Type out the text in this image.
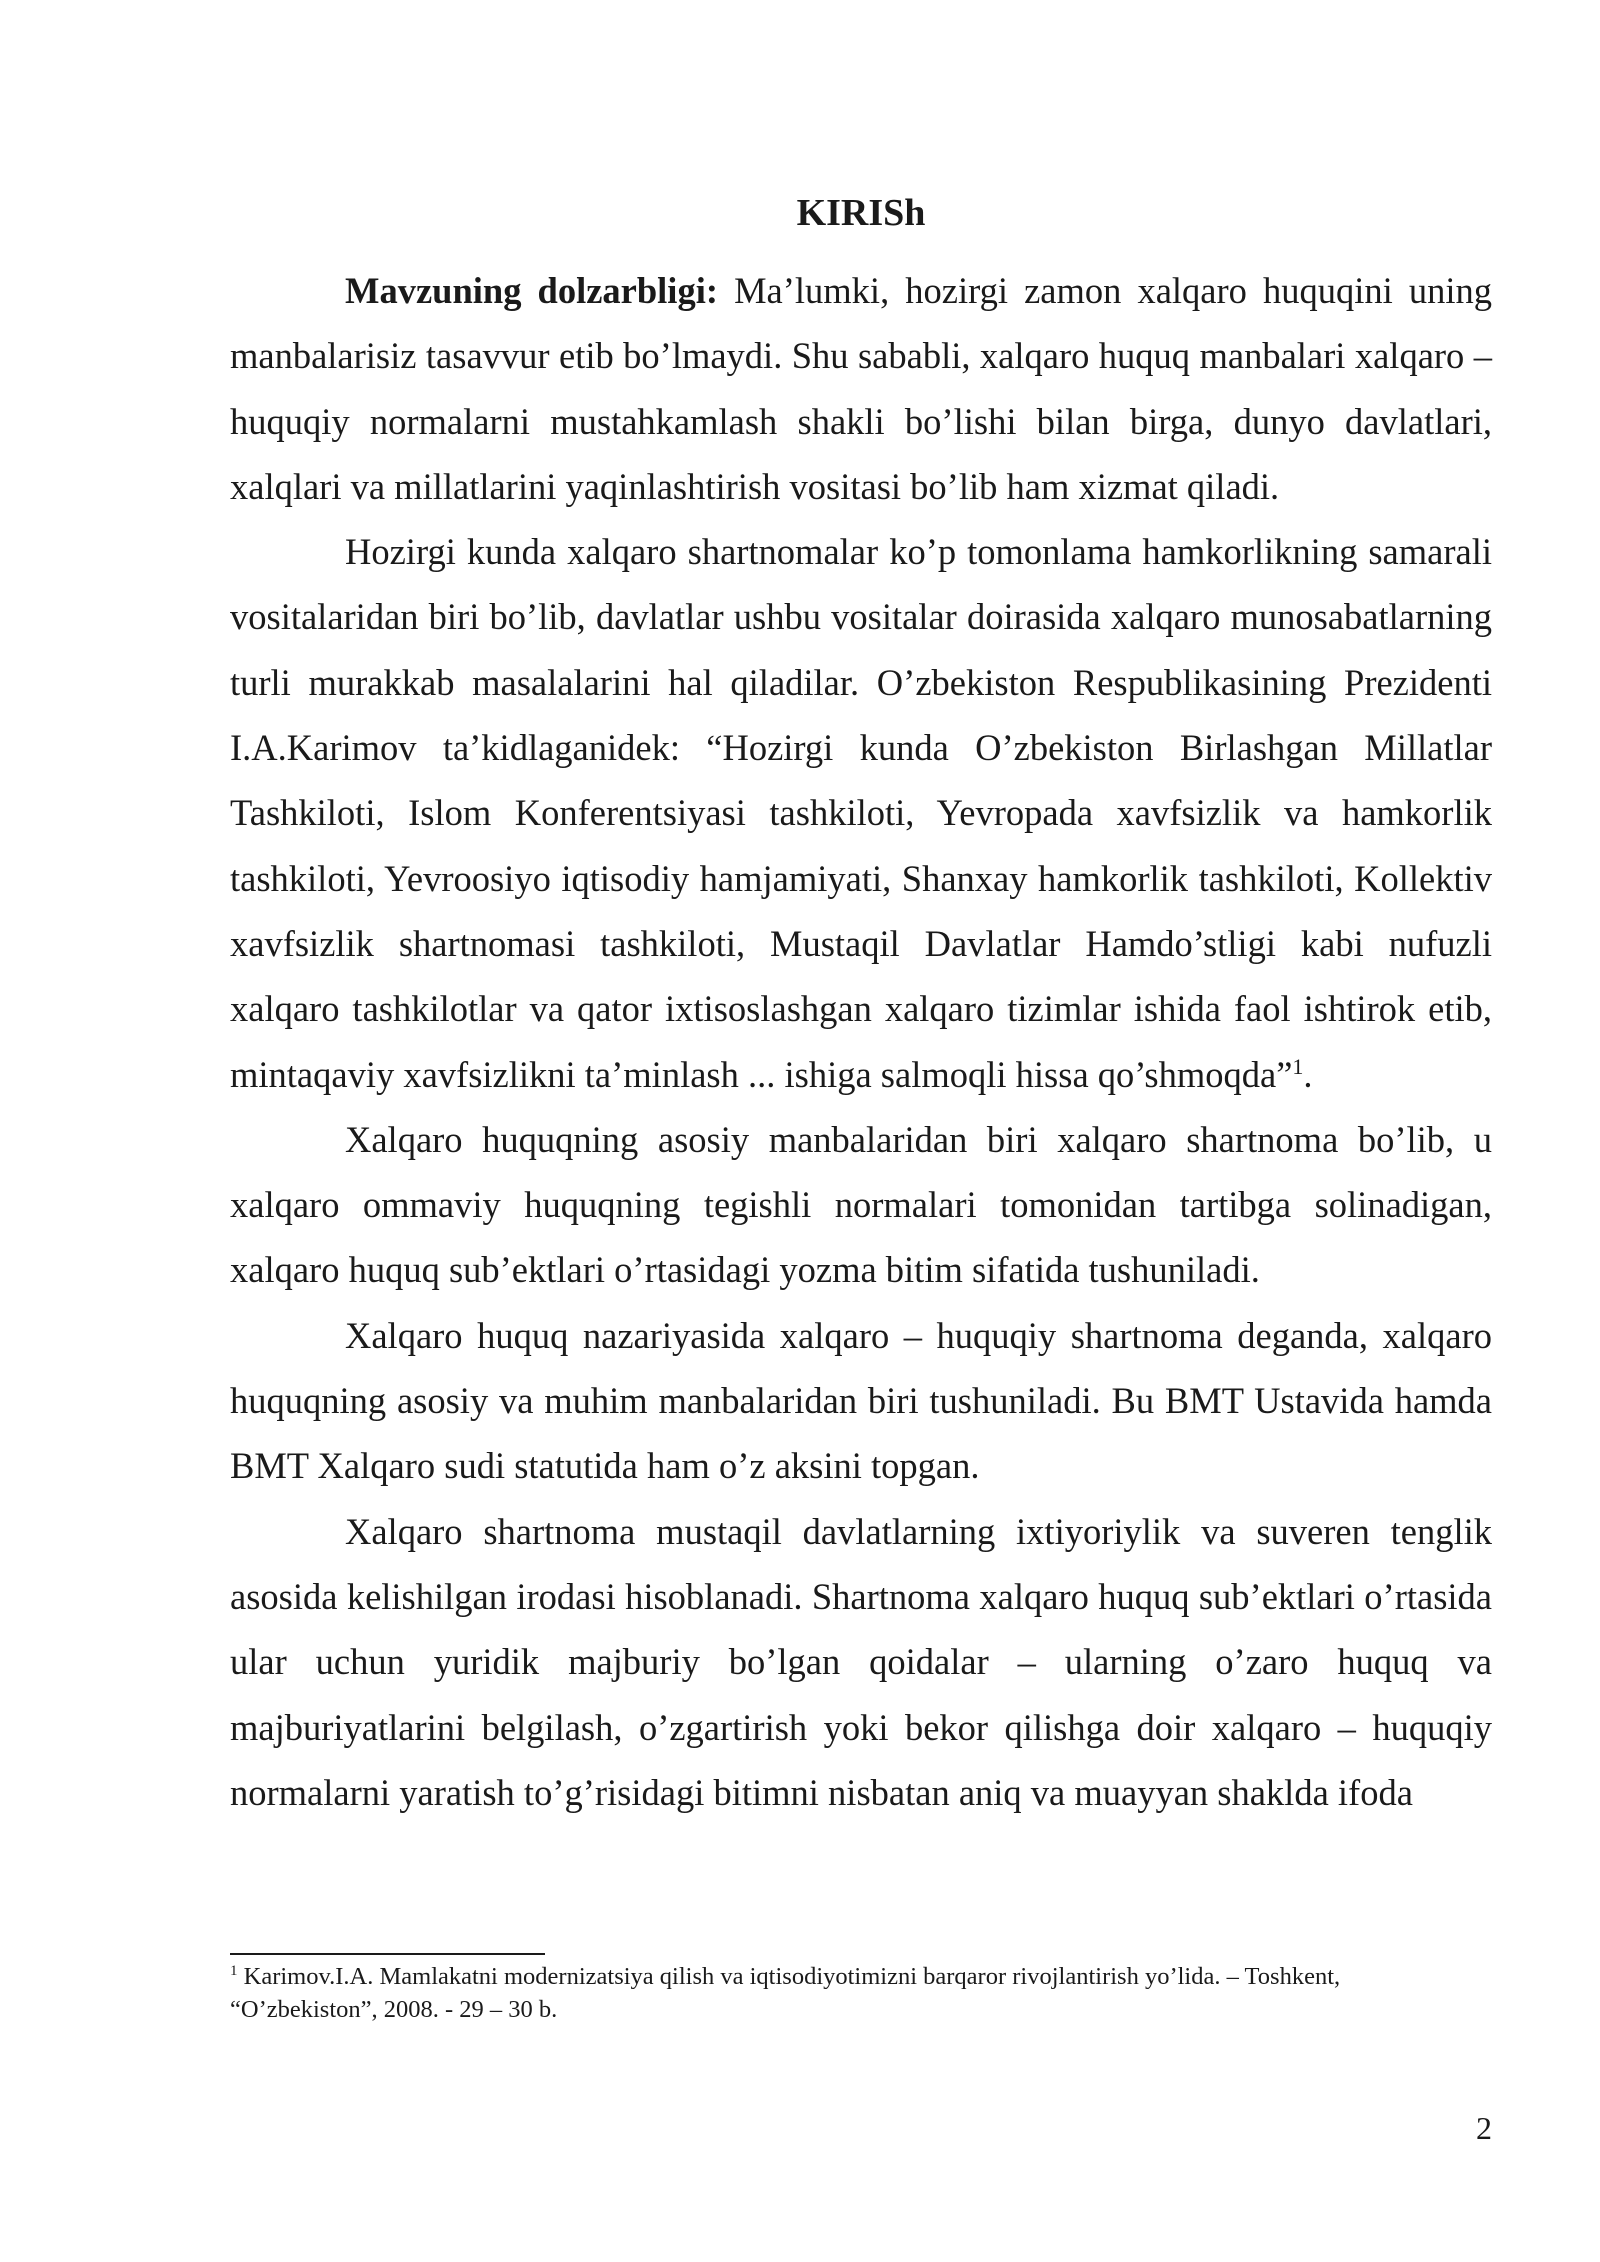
KIRISh

Mavzuning dolzarbligi: Ma’lumki, hozirgi zamon xalqaro huquqini uning manbalarisiz tasavvur etib bo’lmaydi. Shu sababli, xalqaro huquq manbalari xalqaro – huquqiy normalarni mustahkamlash shakli bo’lishi bilan birga, dunyo davlatlari, xalqlari va millatlarini yaqinlashtirish vositasi bo’lib ham xizmat qiladi.

Hozirgi kunda xalqaro shartnomalar ko’p tomonlama hamkorlikning samarali vositalaridan biri bo’lib, davlatlar ushbu vositalar doirasida xalqaro munosabatlarning turli murakkab masalalarini hal qiladilar. O’zbekiston Respublikasining Prezidenti I.A.Karimov ta’kidlaganidek: “Hozirgi kunda O’zbekiston Birlashgan Millatlar Tashkiloti, Islom Konferentsiyasi tashkiloti, Yevropada xavfsizlik va hamkorlik tashkiloti, Yevroosiyo iqtisodiy hamjamiyati, Shanxay hamkorlik tashkiloti, Kollektiv xavfsizlik shartnomasi tashkiloti, Mustaqil Davlatlar Hamdo’stligi kabi nufuzli xalqaro tashkilotlar va qator ixtisoslashgan xalqaro tizimlar ishida faol ishtirok etib, mintaqaviy xavfsizlikni ta’minlash ... ishiga salmoqli hissa qo’shmoqda”$^1$.

Xalqaro huquqning asosiy manbalaridan biri xalqaro shartnoma bo’lib, u xalqaro ommaviy huquqning tegishli normalari tomonidan tartibga solinadigan, xalqaro huquq sub’ektlari o’rtasidagi yozma bitim sifatida tushuniladi.

Xalqaro huquq nazariyasida xalqaro – huquqiy shartnoma deganda, xalqaro huquqning asosiy va muhim manbalaridan biri tushuniladi. Bu BMT Ustavida hamda BMT Xalqaro sudi statutida ham o’z aksini topgan.

Xalqaro shartnoma mustaqil davlatlarning ixtiyoriylik va suveren tenglik asosida kelishilgan irodasi hisoblanadi. Shartnoma xalqaro huquq sub’ektlari o’rtasida ular uchun yuridik majburiy bo’lgan qoidalar – ularning o’zaro huquq va majburiyatlarini belgilash, o’zgartirish yoki bekor qilishga doir xalqaro – huquqiy normalarni yaratish to’g’risidagi bitimni nisbatan aniq va muayyan shakldа ifoda

$^1$ Karimov.I.A. Mamlakatni modernizatsiya qilish va iqtisodiyotimizni barqaror rivojlantirish yo’lida. – Toshkent, “O’zbekiston”, 2008. - 29 – 30 b.

2
